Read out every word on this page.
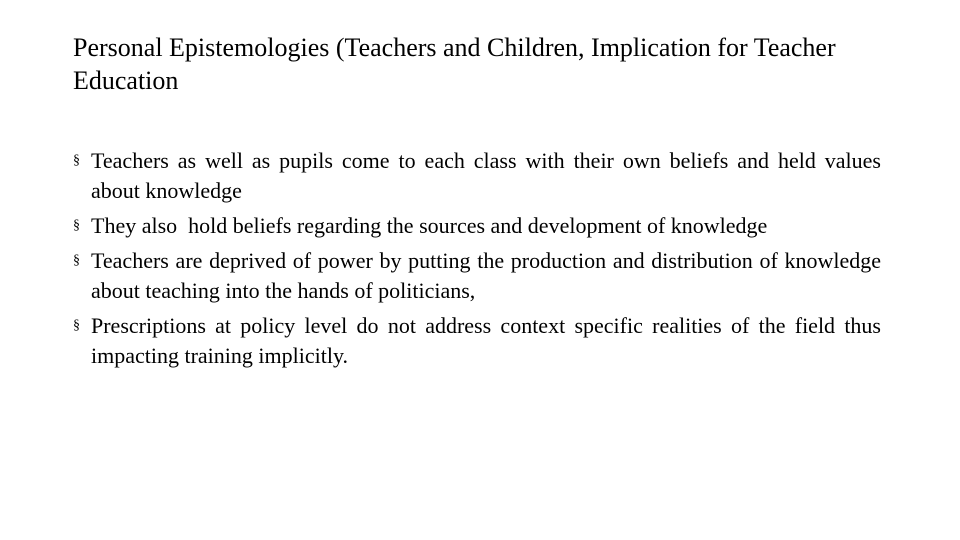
Personal Epistemologies (Teachers and Children, Implication for Teacher Education
§ Teachers as well as pupils come to each class with their own beliefs and held values about knowledge
§ They also  hold beliefs regarding the sources and development of knowledge
§ Teachers are deprived of power by putting the production and distribution of knowledge about teaching into the hands of politicians,
§ Prescriptions at policy level do not address context specific realities of the field thus impacting training implicitly.
